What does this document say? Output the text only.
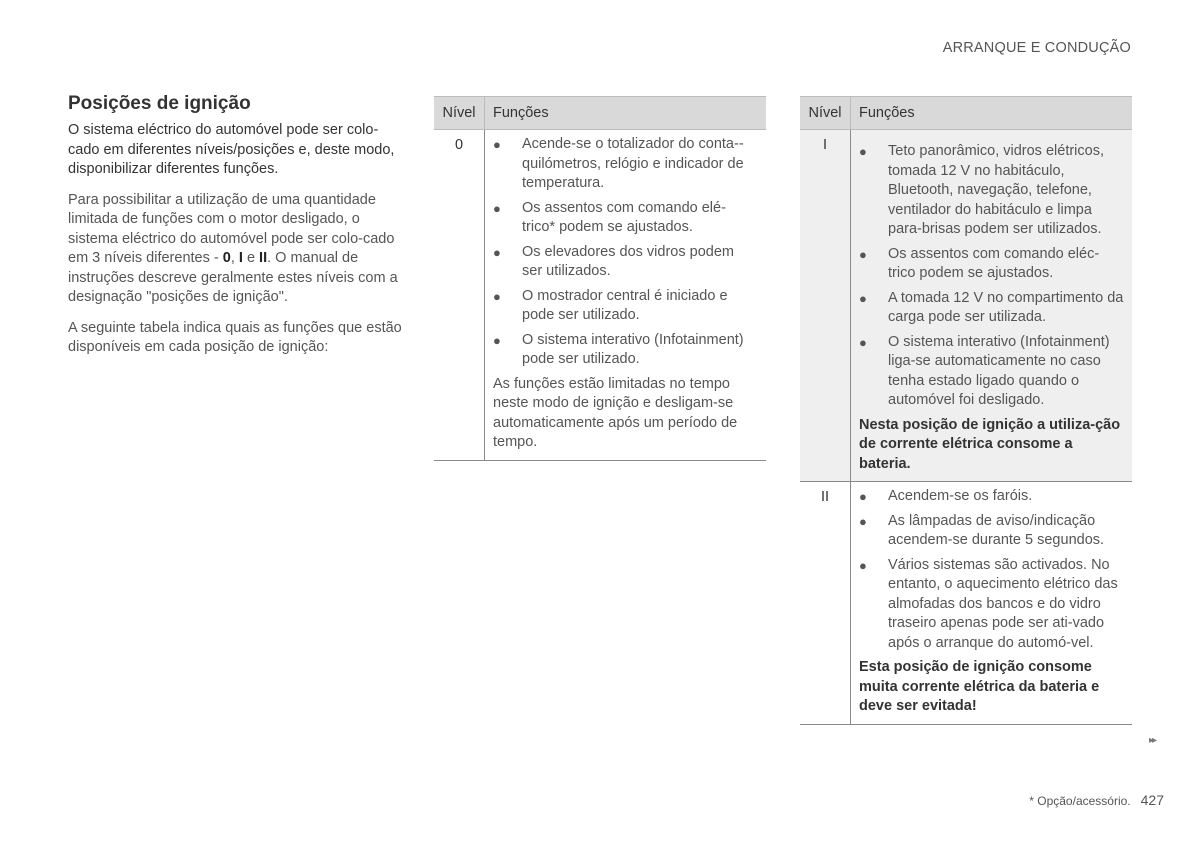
ARRANQUE E CONDUÇÃO
Posições de ignição

O sistema eléctrico do automóvel pode ser colo-cado em diferentes níveis/posições e, deste modo, disponibilizar diferentes funções.

Para possibilitar a utilização de uma quantidade limitada de funções com o motor desligado, o sistema eléctrico do automóvel pode ser colo-cado em 3 níveis diferentes - 0, I e II. O manual de instruções descreve geralmente estes níveis com a designação "posições de ignição".

A seguinte tabela indica quais as funções que estão disponíveis em cada posição de ignição:

Nível	Funções
0	●	Acende-se o totalizador do conta--quilómetros, relógio e indicador de temperatura.
●	Os assentos com comando elé-trico* podem se ajustados.
●	Os elevadores dos vidros podem ser utilizados.
●	O mostrador central é iniciado e pode ser utilizado.
●	O sistema interativo (Infotainment) pode ser utilizado.

As funções estão limitadas no tempo neste modo de ignição e desligam-se automaticamente após um período de tempo.

Nível	Funções
I	●	Teto panorâmico, vidros elétricos, tomada 12 V no habitáculo, Bluetooth, navegação, telefone, ventilador do habitáculo e limpa para-brisas podem ser utilizados.
●	Os assentos com comando eléc-trico podem se ajustados.
●	A tomada 12 V no compartimento da carga pode ser utilizada.
●	O sistema interativo (Infotainment) liga-se automaticamente no caso tenha estado ligado quando o automóvel foi desligado.

Nesta posição de ignição a utiliza-ção de corrente elétrica consome a bateria.

II	●	Acendem-se os faróis.
●	As lâmpadas de aviso/indicação acendem-se durante 5 segundos.
●	Vários sistemas são activados. No entanto, o aquecimento elétrico das almofadas dos bancos e do vidro traseiro apenas pode ser ati-vado após o arranque do automó-vel.

Esta posição de ignição consome muita corrente elétrica da bateria e deve ser evitada!

▸▸
* Opção/acessório. 427
